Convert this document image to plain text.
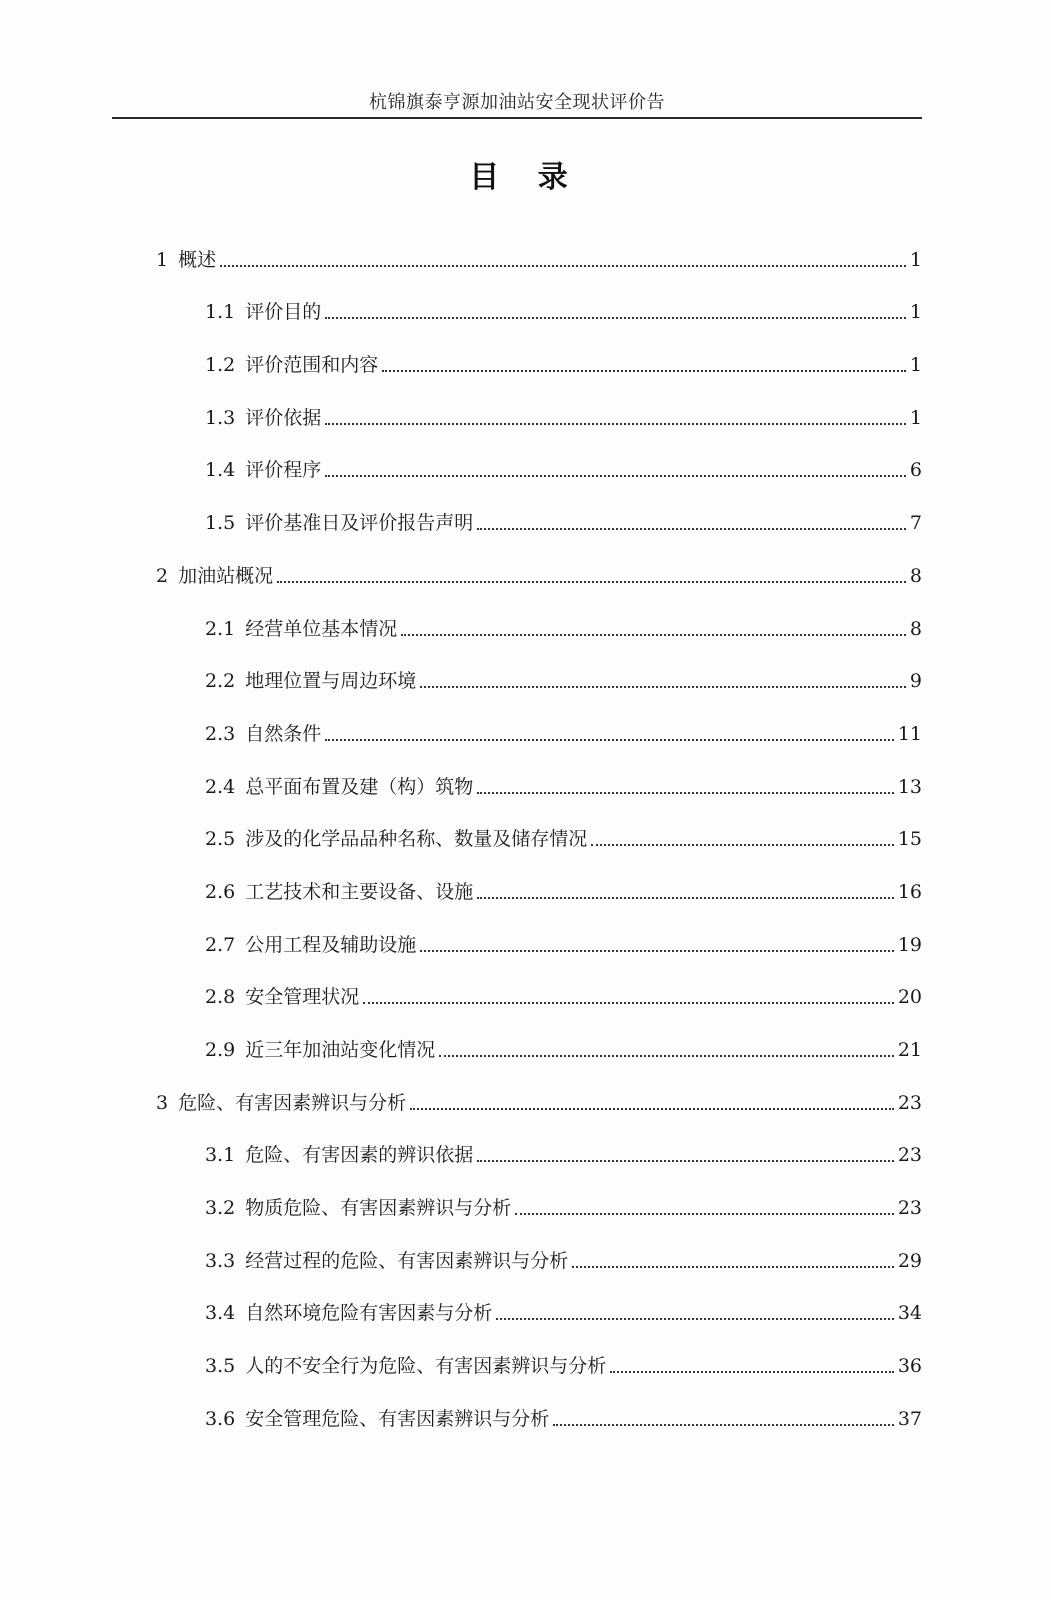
杭锦旗泰亨源加油站安全现状评价告
目 录
1 概述	1
1.1 评价目的	1
1.2 评价范围和内容	1
1.3 评价依据	1
1.4 评价程序	6
1.5 评价基准日及评价报告声明	7
2 加油站概况	8
2.1 经营单位基本情况	8
2.2 地理位置与周边环境	9
2.3 自然条件	11
2.4 总平面布置及建（构）筑物	13
2.5 涉及的化学品品种名称、数量及储存情况	15
2.6 工艺技术和主要设备、设施	16
2.7 公用工程及辅助设施	19
2.8 安全管理状况	20
2.9 近三年加油站变化情况	21
3 危险、有害因素辨识与分析	23
3.1 危险、有害因素的辨识依据	23
3.2 物质危险、有害因素辨识与分析	23
3.3 经营过程的危险、有害因素辨识与分析	29
3.4 自然环境危险有害因素与分析	34
3.5 人的不安全行为危险、有害因素辨识与分析	36
3.6 安全管理危险、有害因素辨识与分析	37
